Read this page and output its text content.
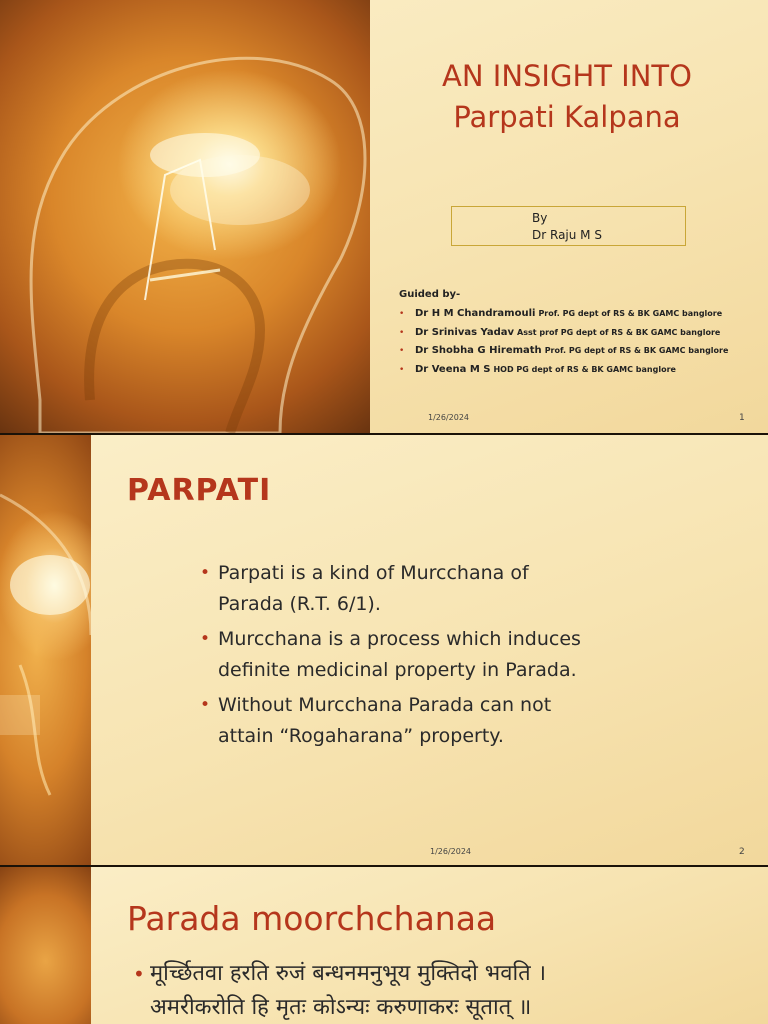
AN INSIGHT INTO
Parpati Kalpana
By
Dr Raju M S
Guided by-
• Dr H M Chandramouli Prof. PG dept of RS & BK GAMC banglore
• Dr Srinivas Yadav Asst prof PG dept of RS & BK GAMC banglore
• Dr Shobha G Hiremath Prof. PG dept of RS & BK GAMC banglore
• Dr Veena M S HOD PG dept of RS & BK GAMC banglore
1/26/2024	1
PARPATI
• Parpati is a kind of Murcchana of Parada (R.T. 6/1).
• Murcchana is a process which induces definite medicinal property in Parada.
• Without Murcchana Parada can not attain “Rogaharana” property.
1/26/2024	2
Parada moorchchanaa
• मूर्च्छितवा हरति रुजं बन्धनमनुभूय मुक्तिदो भवति ।
अमरीकरोति हि मृतः कोऽन्यः करुणाकरः सूतात् ॥
